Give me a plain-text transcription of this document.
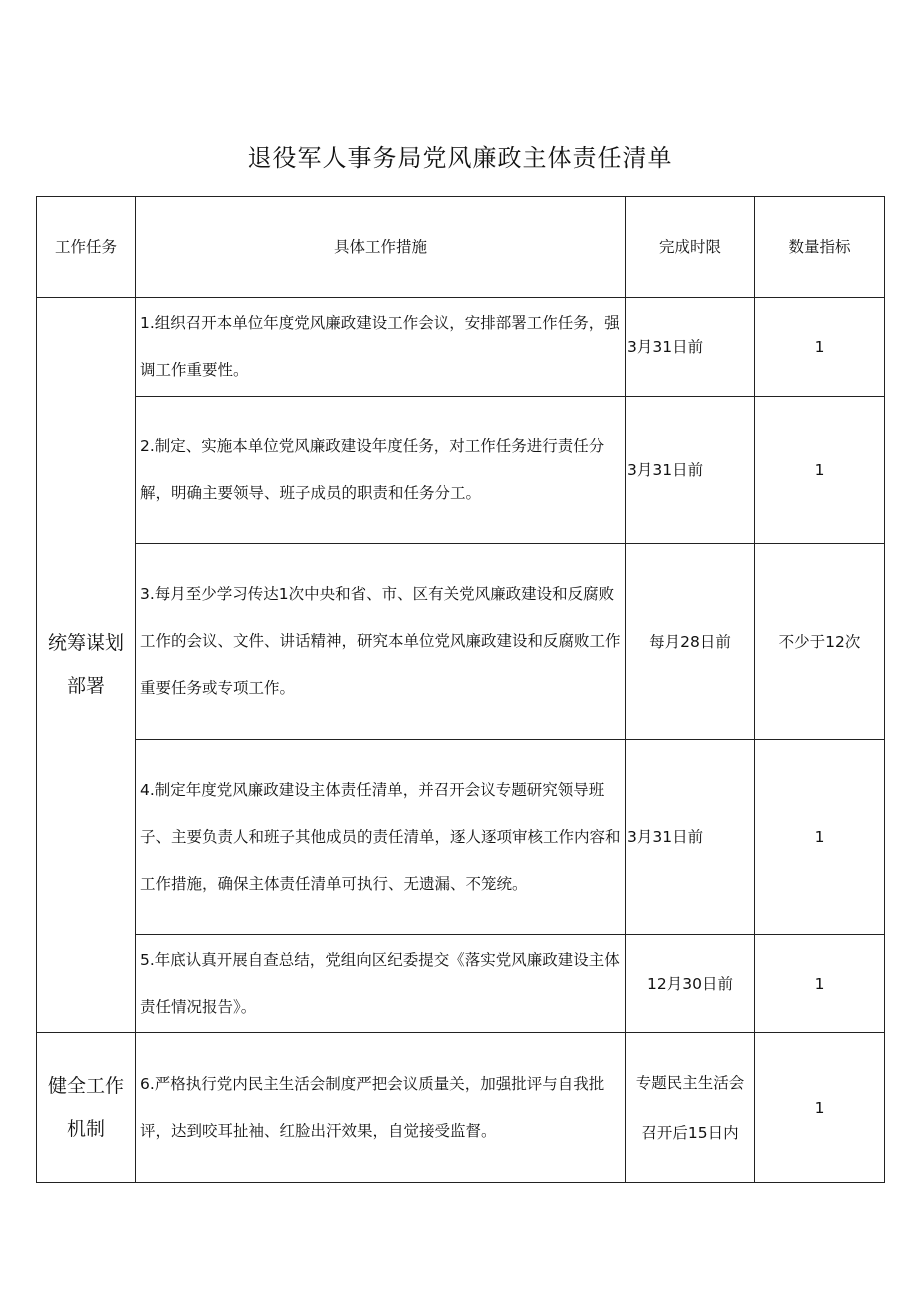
退役军人事务局党风廉政主体责任清单
工作任务	具体工作措施	完成时限	数量指标
统筹谋划部署	1.组织召开本单位年度党风廉政建设工作会议，安排部署工作任务，强调工作重要性。	3月31日前	1
	2.制定、实施本单位党风廉政建设年度任务，对工作任务进行责任分解，明确主要领导、班子成员的职责和任务分工。	3月31日前	1
	3.每月至少学习传达1次中央和省、市、区有关党风廉政建设和反腐败工作的会议、文件、讲话精神，研究本单位党风廉政建设和反腐败工作重要任务或专项工作。	每月28日前	不少于12次
	4.制定年度党风廉政建设主体责任清单，并召开会议专题研究领导班子、主要负责人和班子其他成员的责任清单，逐人逐项审核工作内容和工作措施，确保主体责任清单可执行、无遗漏、不笼统。	3月31日前	1
	5.年底认真开展自查总结，党组向区纪委提交《落实党风廉政建设主体责任情况报告》。	12月30日前	1
健全工作机制	6.严格执行党内民主生活会制度严把会议质量关，加强批评与自我批评，达到咬耳扯袖、红脸出汗效果，自觉接受监督。	专题民主生活会召开后15日内	1
